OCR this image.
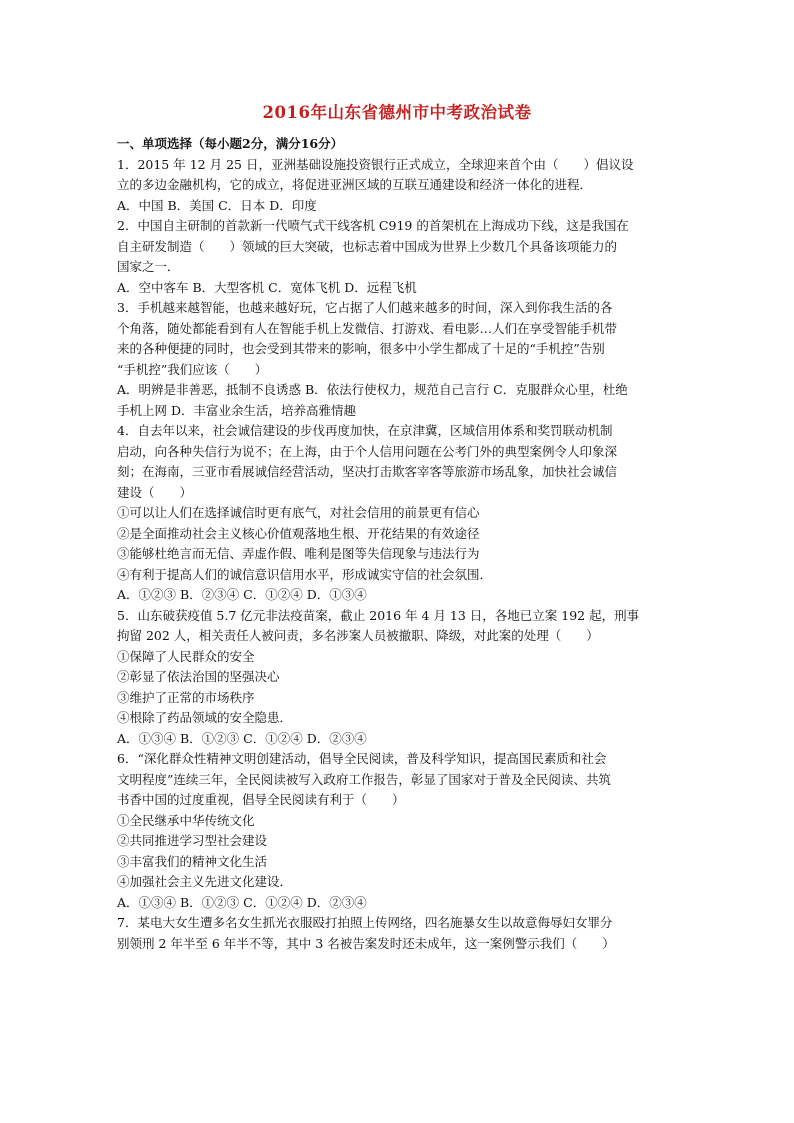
2016年山东省德州市中考政治试卷
一、单项选择（每小题2分，满分16分）
1．2015 年 12 月 25 日，亚洲基础设施投资银行正式成立，全球迎来首个由（　　）倡议设
立的多边金融机构，它的成立，将促进亚洲区域的互联互通建设和经济一体化的进程．
A．中国 B．美国 C．日本 D．印度
2．中国自主研制的首款新一代喷气式干线客机 C919 的首架机在上海成功下线，这是我国在
自主研发制造（　　）领域的巨大突破，也标志着中国成为世界上少数几个具备该项能力的
国家之一．
A．空中客车 B．大型客机 C．宽体飞机 D．远程飞机
3．手机越来越智能，也越来越好玩，它占据了人们越来越多的时间，深入到你我生活的各
个角落，随处都能看到有人在智能手机上发微信、打游戏、看电影…人们在享受智能手机带
来的各种便捷的同时，也会受到其带来的影响，很多中小学生都成了十足的“手机控”告别
“手机控”我们应该（　　）
A．明辨是非善恶，抵制不良诱惑 B．依法行使权力，规范自己言行 C．克服群众心里，杜绝
手机上网 D．丰富业余生活，培养高雅情趣
4．自去年以来，社会诚信建设的步伐再度加快，在京津冀，区域信用体系和奖罚联动机制
启动，向各种失信行为说不；在上海，由于个人信用问题在公考门外的典型案例令人印象深
刻；在海南，三亚市看展诚信经营活动，坚决打击欺客宰客等旅游市场乱象，加快社会诚信
建设（　　）
①可以让人们在选择诚信时更有底气，对社会信用的前景更有信心
②是全面推动社会主义核心价值观落地生根、开花结果的有效途径
③能够杜绝言而无信、弄虚作假、唯利是图等失信现象与违法行为
④有利于提高人们的诚信意识信用水平，形成诚实守信的社会氛围．
A．①②③ B．②③④ C．①②④ D．①③④
5．山东破获疫值 5.7 亿元非法疫苗案，截止 2016 年 4 月 13 日，各地已立案 192 起，刑事
拘留 202 人，相关责任人被问责，多名涉案人员被撤职、降级，对此案的处理（　　）
①保障了人民群众的安全
②彰显了依法治国的坚强决心
③维护了正常的市场秩序
④根除了药品领域的安全隐患．
A．①③④ B．①②③ C．①②④ D．②③④
6．“深化群众性精神文明创建活动，倡导全民阅读，普及科学知识，提高国民素质和社会
文明程度”连续三年，全民阅读被写入政府工作报告，彰显了国家对于普及全民阅读、共筑
书香中国的过度重视，倡导全民阅读有利于（　　）
①全民继承中华传统文化
②共同推进学习型社会建设
③丰富我们的精神文化生活
④加强社会主义先进文化建设．
A．①③④ B．①②③ C．①②④ D．②③④
7．某电大女生遭多名女生抓光衣服殴打拍照上传网络，四名施暴女生以故意侮辱妇女罪分
别领刑 2 年半至 6 年半不等，其中 3 名被告案发时还未成年，这一案例警示我们（　　）
